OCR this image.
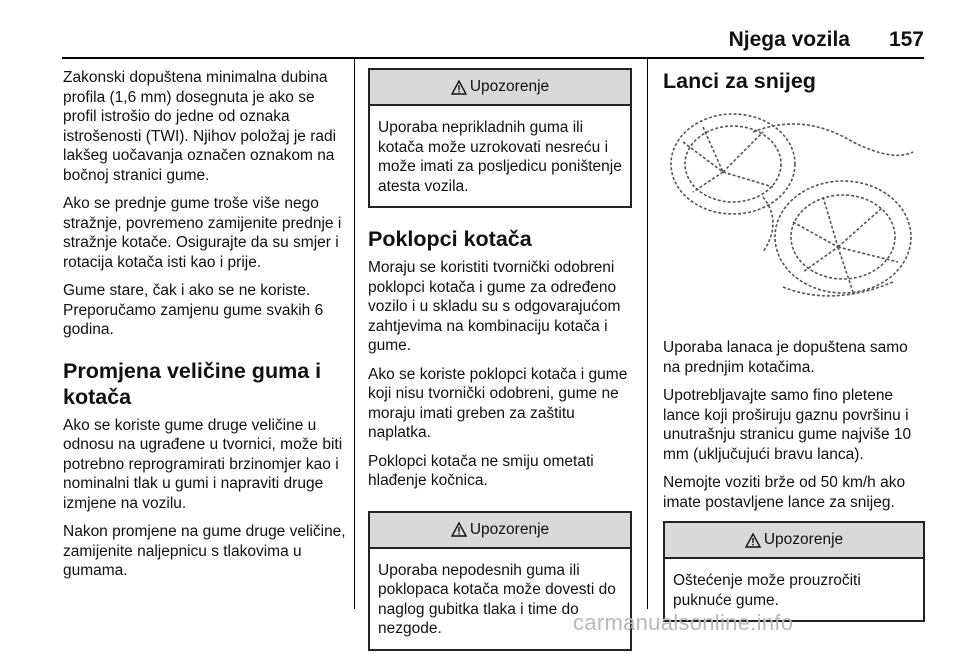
Njega vozila 157

Zakonski dopuštena minimalna dubina profila (1,6 mm) dosegnuta je ako se profil istrošio do jedne od oznaka istrošenosti (TWI). Njihov položaj je radi lakšeg uočavanja označen oznakom na bočnoj stranici gume.

Ako se prednje gume troše više nego stražnje, povremeno zamijenite prednje i stražnje kotače. Osigurajte da su smjer i rotacija kotača isti kao i prije.

Gume stare, čak i ako se ne koriste. Preporučamo zamjenu gume svakih 6 godina.

Promjena veličine guma i kotača

Ako se koriste gume druge veličine u odnosu na ugrađene u tvornici, može biti potrebno reprogramirati brzinomjer kao i nominalni tlak u gumi i napraviti druge izmjene na vozilu.

Nakon promjene na gume druge veličine, zamijenite naljepnicu s tlakovima u gumama.

Upozorenje
Uporaba neprikladnih guma ili kotača može uzrokovati nesreću i može imati za posljedicu poništenje atesta vozila.
Poklopci kotača

Moraju se koristiti tvornički odobreni poklopci kotača i gume za određeno vozilo i u skladu su s odgovarajućom zahtjevima na kombinaciju kotača i gume.

Ako se koriste poklopci kotača i gume koji nisu tvornički odobreni, gume ne moraju imati greben za zaštitu naplatka.

Poklopci kotača ne smiju ometati hlađenje kočnica.

Upozorenje
Uporaba nepodesnih guma ili poklopaca kotača može dovesti do naglog gubitka tlaka i time do nezgode.
Lanci za snijeg

Uporaba lanaca je dopuštena samo na prednjim kotačima.

Upotrebljavajte samo fino pletene lance koji proširuju gaznu površinu i unutrašnju stranicu gume najviše 10 mm (uključujući bravu lanca).

Nemojte voziti brže od 50 km/h ako imate postavljene lance za snijeg.

Upozorenje
Oštećenje može prouzročiti puknuće gume.
carmanualsonline.info
